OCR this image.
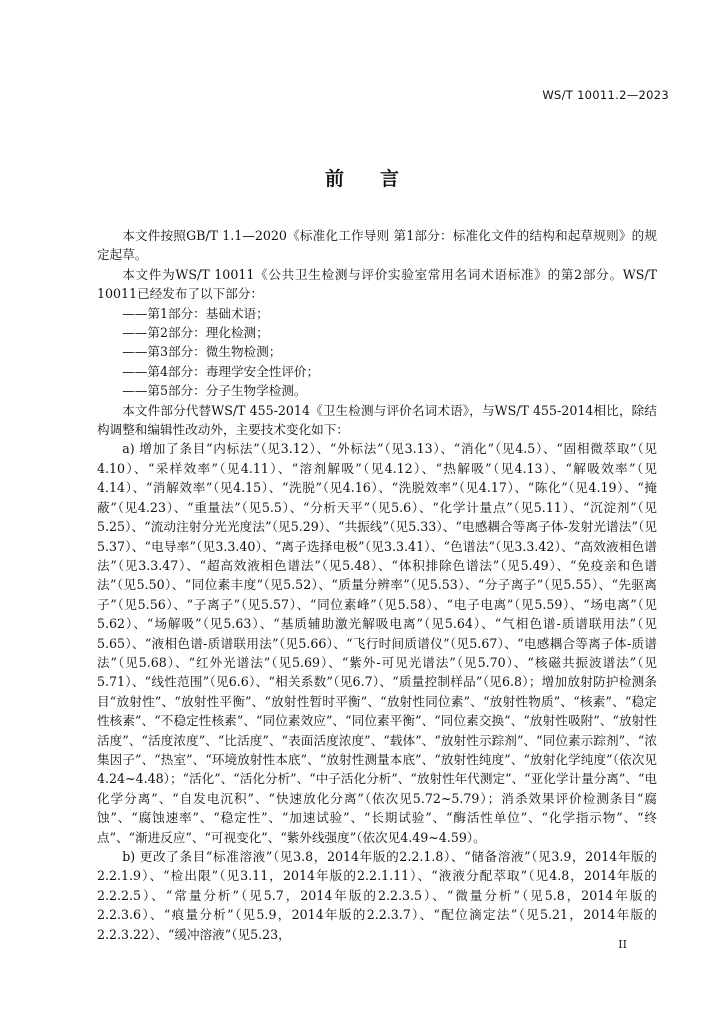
WS/T 10011.2—2023
前言

本文件按照GB/T 1.1—2020《标准化工作导则 第1部分：标准化文件的结构和起草规则》的规定起草。

本文件为WS/T 10011《公共卫生检测与评价实验室常用名词术语标准》的第2部分。WS/T 10011已经发布了以下部分：

——第1部分：基础术语；

——第2部分：理化检测；

——第3部分：微生物检测；

——第4部分：毒理学安全性评价；

——第5部分：分子生物学检测。

本文件部分代替WS/T 455-2014《卫生检测与评价名词术语》，与WS/T 455-2014相比，除结构调整和编辑性改动外，主要技术变化如下：

a) 增加了条目“内标法”（见3.12）、“外标法”（见3.13）、“消化”（见4.5）、“固相微萃取”（见4.10）、“采样效率”（见4.11）、“溶剂解吸”（见4.12）、“热解吸”（见4.13）、“解吸效率”（见4.14）、“消解效率”（见4.15）、“洗脱”（见4.16）、“洗脱效率”（见4.17）、“陈化”（见4.19）、“掩蔽”（见4.23）、“重量法”（见5.5）、“分析天平”（见5.6）、“化学计量点”（见5.11）、“沉淀剂”（见5.25）、“流动注射分光光度法”（见5.29）、“共振线”（见5.33）、“电感耦合等离子体-发射光谱法”（见5.37）、“电导率”（见3.3.40）、“离子选择电极”（见3.3.41）、“色谱法”（见3.3.42）、“高效液相色谱法”（见3.3.47）、“超高效液相色谱法”（见5.48）、“体积排除色谱法”（见5.49）、“免疫亲和色谱法”（见5.50）、“同位素丰度”（见5.52）、“质量分辨率”（见5.53）、“分子离子”（见5.55）、“先驱离子”（见5.56）、“子离子”（见5.57）、“同位素峰”（见5.58）、“电子电离”（见5.59）、“场电离”（见5.62）、“场解吸”（见5.63）、“基质辅助激光解吸电离”（见5.64）、“气相色谱-质谱联用法”（见5.65）、“液相色谱-质谱联用法”（见5.66）、“飞行时间质谱仪”（见5.67）、“电感耦合等离子体-质谱法”（见5.68）、“红外光谱法”（见5.69）、“紫外-可见光谱法”（见5.70）、“核磁共振波谱法”（见5.71）、“线性范围”（见6.6）、“相关系数”（见6.7）、“质量控制样品”（见6.8）；增加放射防护检测条目“放射性”、“放射性平衡”、“放射性暂时平衡”、“放射性同位素”、“放射性物质”、“核素”、“稳定性核素”、“不稳定性核素”、“同位素效应”、“同位素平衡”、“同位素交换”、“放射性吸附”、“放射性活度”、“活度浓度”、“比活度”、“表面活度浓度”、“载体”、“放射性示踪剂”、“同位素示踪剂”、“浓集因子”、“热室”、“环境放射性本底”、“放射性测量本底”、“放射性纯度”、“放射化学纯度”（依次见4.24~4.48）；“活化”、“活化分析”、“中子活化分析”、“放射性年代测定”、“亚化学计量分离”、“电化学分离”、“自发电沉积”、“快速放化分离”（依次见5.72~5.79）；消杀效果评价检测条目“腐蚀”、“腐蚀速率”、“稳定性”、“加速试验”、“长期试验”、“酶活性单位”、“化学指示物”、“终点”、“渐进反应”、“可视变化”、“紫外线强度”（依次见4.49~4.59）。

b) 更改了条目“标准溶液”（见3.8，2014年版的2.2.1.8）、“储备溶液”（见3.9，2014年版的2.2.1.9）、“检出限”（见3.11，2014年版的2.2.1.11）、“液液分配萃取”（见4.8，2014年版的2.2.2.5）、“常量分析”（见5.7，2014年版的2.2.3.5）、“微量分析”（见5.8，2014年版的2.2.3.6）、“痕量分析”（见5.9，2014年版的2.2.3.7）、“配位滴定法”（见5.21，2014年版的2.2.3.22）、“缓冲溶液”（见5.23，

II
